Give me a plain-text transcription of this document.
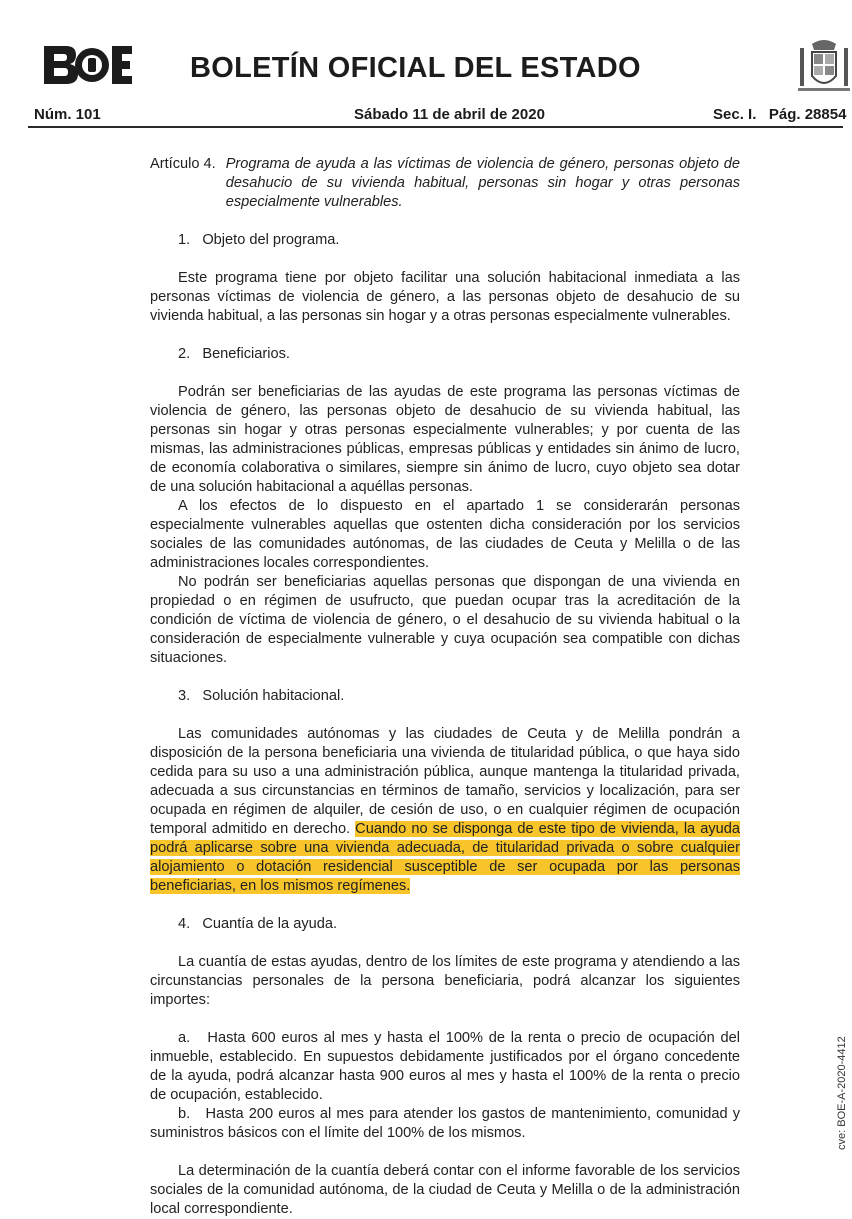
BOLETÍN OFICIAL DEL ESTADO
Núm. 101	Sábado 11 de abril de 2020	Sec. I.   Pág. 28854
Artículo 4. Programa de ayuda a las víctimas de violencia de género, personas objeto de desahucio de su vivienda habitual, personas sin hogar y otras personas especialmente vulnerables.

1.   Objeto del programa.

Este programa tiene por objeto facilitar una solución habitacional inmediata a las personas víctimas de violencia de género, a las personas objeto de desahucio de su vivienda habitual, a las personas sin hogar y a otras personas especialmente vulnerables.

2.   Beneficiarios.

Podrán ser beneficiarias de las ayudas de este programa las personas víctimas de violencia de género, las personas objeto de desahucio de su vivienda habitual, las personas sin hogar y otras personas especialmente vulnerables; y por cuenta de las mismas, las administraciones públicas, empresas públicas y entidades sin ánimo de lucro, de economía colaborativa o similares, siempre sin ánimo de lucro, cuyo objeto sea dotar de una solución habitacional a aquéllas personas.

A los efectos de lo dispuesto en el apartado 1 se considerarán personas especialmente vulnerables aquellas que ostenten dicha consideración por los servicios sociales de las comunidades autónomas, de las ciudades de Ceuta y Melilla o de las administraciones locales correspondientes.

No podrán ser beneficiarias aquellas personas que dispongan de una vivienda en propiedad o en régimen de usufructo, que puedan ocupar tras la acreditación de la condición de víctima de violencia de género, o el desahucio de su vivienda habitual o la consideración de especialmente vulnerable y cuya ocupación sea compatible con dichas situaciones.

3.   Solución habitacional.

Las comunidades autónomas y las ciudades de Ceuta y de Melilla pondrán a disposición de la persona beneficiaria una vivienda de titularidad pública, o que haya sido cedida para su uso a una administración pública, aunque mantenga la titularidad privada, adecuada a sus circunstancias en términos de tamaño, servicios y localización, para ser ocupada en régimen de alquiler, de cesión de uso, o en cualquier régimen de ocupación temporal admitido en derecho. Cuando no se disponga de este tipo de vivienda, la ayuda podrá aplicarse sobre una vivienda adecuada, de titularidad privada o sobre cualquier alojamiento o dotación residencial susceptible de ser ocupada por las personas beneficiarias, en los mismos regímenes.

4.   Cuantía de la ayuda.

La cuantía de estas ayudas, dentro de los límites de este programa y atendiendo a las circunstancias personales de la persona beneficiaria, podrá alcanzar los siguientes importes:

a.   Hasta 600 euros al mes y hasta el 100% de la renta o precio de ocupación del inmueble, establecido. En supuestos debidamente justificados por el órgano concedente de la ayuda, podrá alcanzar hasta 900 euros al mes y hasta el 100% de la renta o precio de ocupación, establecido.

b.   Hasta 200 euros al mes para atender los gastos de mantenimiento, comunidad y suministros básicos con el límite del 100% de los mismos.

La determinación de la cuantía deberá contar con el informe favorable de los servicios sociales de la comunidad autónoma, de la ciudad de Ceuta y Melilla o de la administración local correspondiente.

cve: BOE-A-2020-4412
